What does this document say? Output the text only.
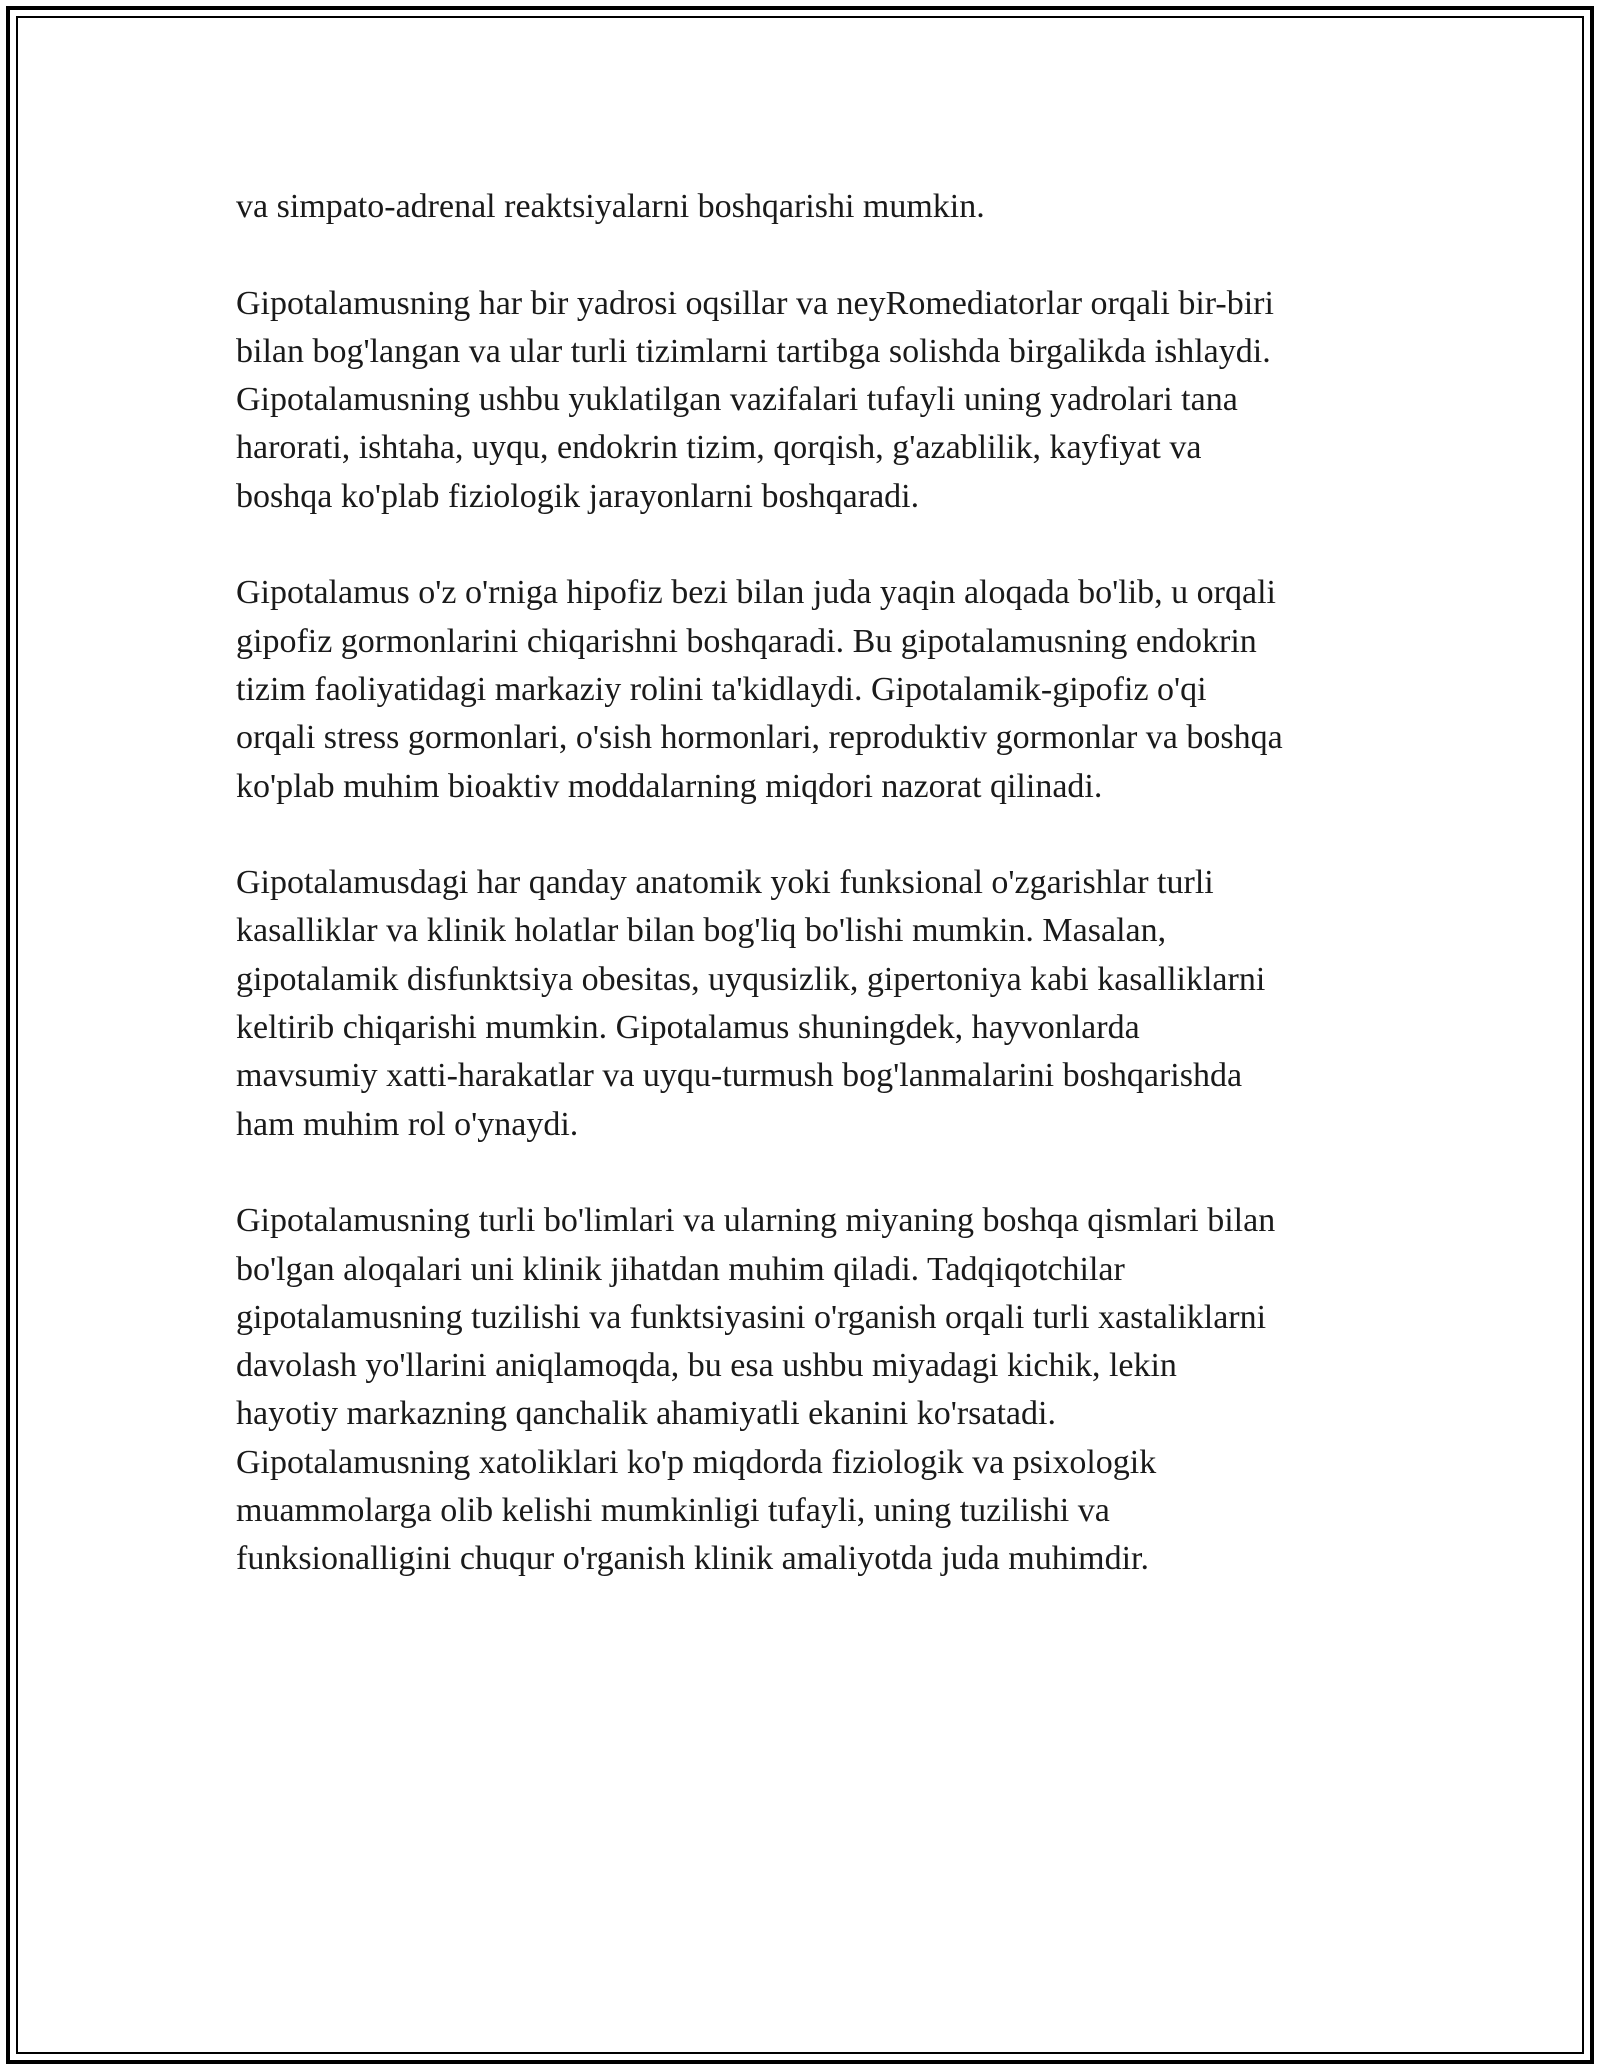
va simpato-adrenal reaktsiyalarni boshqarishi mumkin.

Gipotalamusning har bir yadrosi oqsillar va neyRomediatorlar orqali bir-biri
bilan bog'langan va ular turli tizimlarni tartibga solishda birgalikda ishlaydi.
Gipotalamusning ushbu yuklatilgan vazifalari tufayli uning yadrolari tana
harorati, ishtaha, uyqu, endokrin tizim, qorqish, g'azablilik, kayfiyat va
boshqa ko'plab fiziologik jarayonlarni boshqaradi.

Gipotalamus o'z o'rniga hipofiz bezi bilan juda yaqin aloqada bo'lib, u orqali
gipofiz gormonlarini chiqarishni boshqaradi. Bu gipotalamusning endokrin
tizim faoliyatidagi markaziy rolini ta'kidlaydi. Gipotalamik-gipofiz o'qi
orqali stress gormonlari, o'sish hormonlari, reproduktiv gormonlar va boshqa
ko'plab muhim bioaktiv moddalarning miqdori nazorat qilinadi.

Gipotalamusdagi har qanday anatomik yoki funksional o'zgarishlar turli
kasalliklar va klinik holatlar bilan bog'liq bo'lishi mumkin. Masalan,
gipotalamik disfunktsiya obesitas, uyqusizlik, gipertoniya kabi kasalliklarni
keltirib chiqarishi mumkin. Gipotalamus shuningdek, hayvonlarda
mavsumiy xatti-harakatlar va uyqu-turmush bog'lanmalarini boshqarishda
ham muhim rol o'ynaydi.

Gipotalamusning turli bo'limlari va ularning miyaning boshqa qismlari bilan
bo'lgan aloqalari uni klinik jihatdan muhim qiladi. Tadqiqotchilar
gipotalamusning tuzilishi va funktsiyasini o'rganish orqali turli xastaliklarni
davolash yo'llarini aniqlamoqda, bu esa ushbu miyadagi kichik, lekin
hayotiy markazning qanchalik ahamiyatli ekanini ko'rsatadi.
Gipotalamusning xatoliklari ko'p miqdorda fiziologik va psixologik
muammolarga olib kelishi mumkinligi tufayli, uning tuzilishi va
funksionalligini chuqur o'rganish klinik amaliyotda juda muhimdir.
